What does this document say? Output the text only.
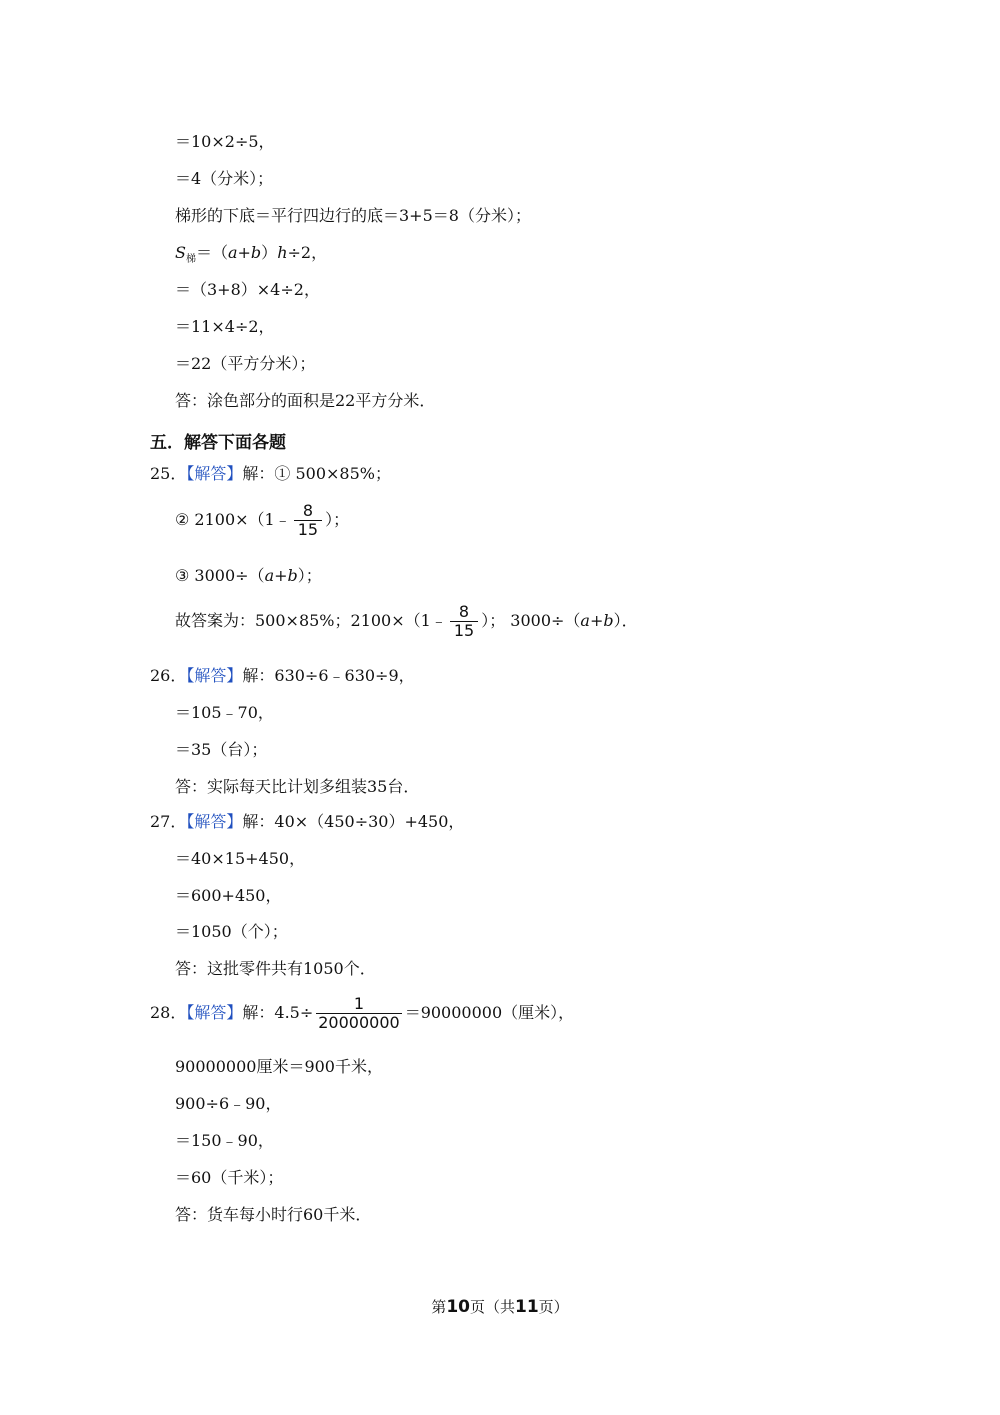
＝10×2÷5，
＝4（分米）；
梯形的下底＝平行四边行的底＝3+5＝8（分米）；
$S_梯=(a+b)h\div 2$，
＝（3+8）×4÷2，
＝11×4÷2，
＝22（平方分米）；
答：涂色部分的面积是22平方分米．
五．解答下面各题
25．【解答】解：① 500×85%；
② 2100×（1﹣ $\frac{8}{15}$ ）；
③ 3000÷（a+b）；
故答案为：500×85%；2100×（1﹣ $\frac{8}{15}$ ）； 3000÷（a+b）．
26．【解答】解：630÷6﹣630÷9，
＝105﹣70，
＝35（台）；
答：实际每天比计划多组装35台．
27．【解答】解：40×（450÷30）+450，
＝40×15+450，
＝600+450，
＝1050（个）；
答：这批零件共有1050个．
28．【解答】解：$4.5\div \frac{1}{20000000} =90000000$（厘米），
90000000厘米＝900千米，
900÷6﹣90，
＝150﹣90，
＝60（千米）；
答：货车每小时行60千米．
第10页（共11页）
